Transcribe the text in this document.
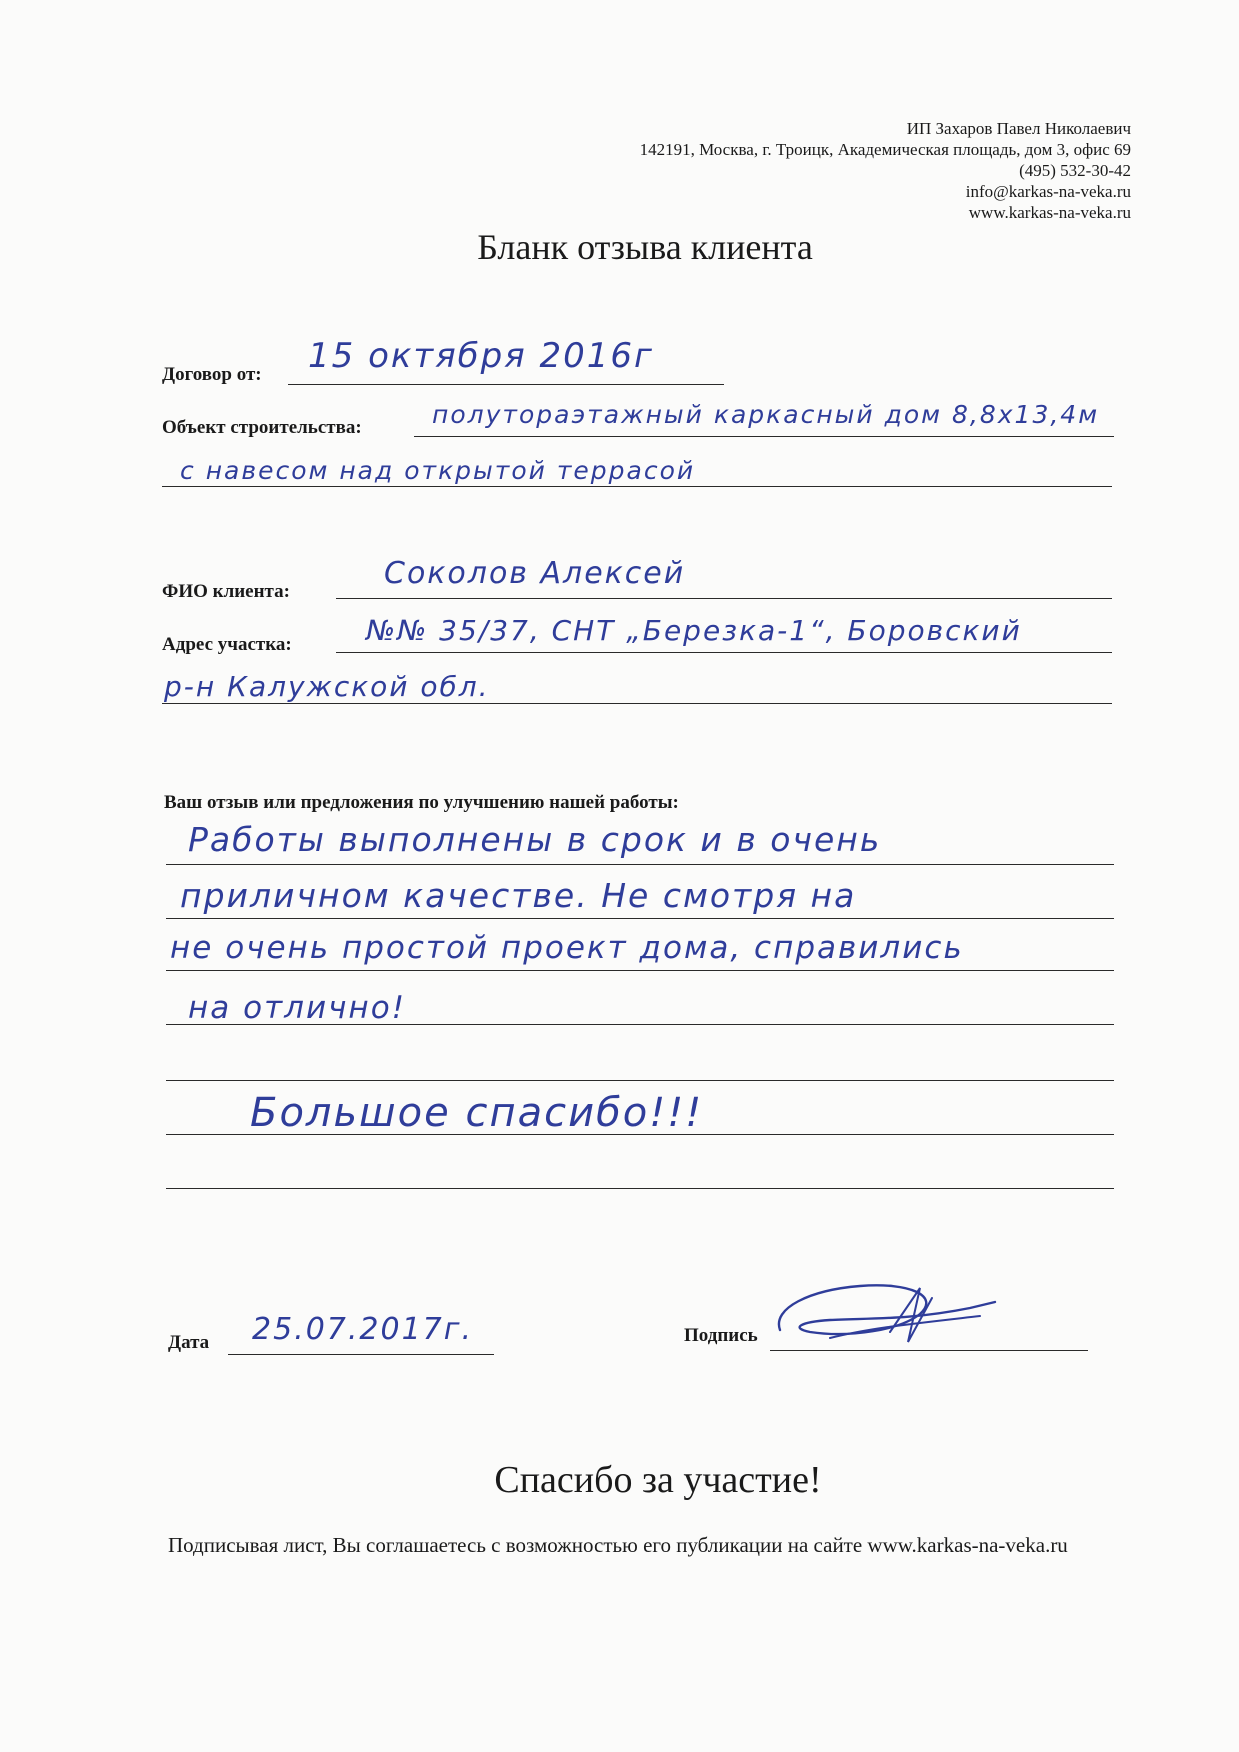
ИП Захаров Павел Николаевич
142191, Москва, г. Троицк, Академическая площадь, дом 3, офис 69
(495) 532-30-42
info@karkas-na-veka.ru
www.karkas-na-veka.ru
Бланк отзыва клиента
Договор от: 15 октября 2016г
Объект строительства:	полутораэтажный каркасный дом 8,8х13,4м
с навесом над открытой террасой
ФИО клиента:
Соколов Алексей
Адрес участка:	№№ 35/37, СНТ „Березка-1“, Боровский
р-н Калужской обл.
Ваш отзыв или предложения по улучшению нашей работы:
Работы выполнены в срок и в очень
приличном качестве. Не смотря на
не очень простой проект дома, справились
на отлично!
Большое спасибо!!!
Дата 25.07.2017г.	Подпись
Спасибо за участие!
Подписывая лист, Вы соглашаетесь с возможностью его публикации на сайте www.karkas-na-veka.ru
